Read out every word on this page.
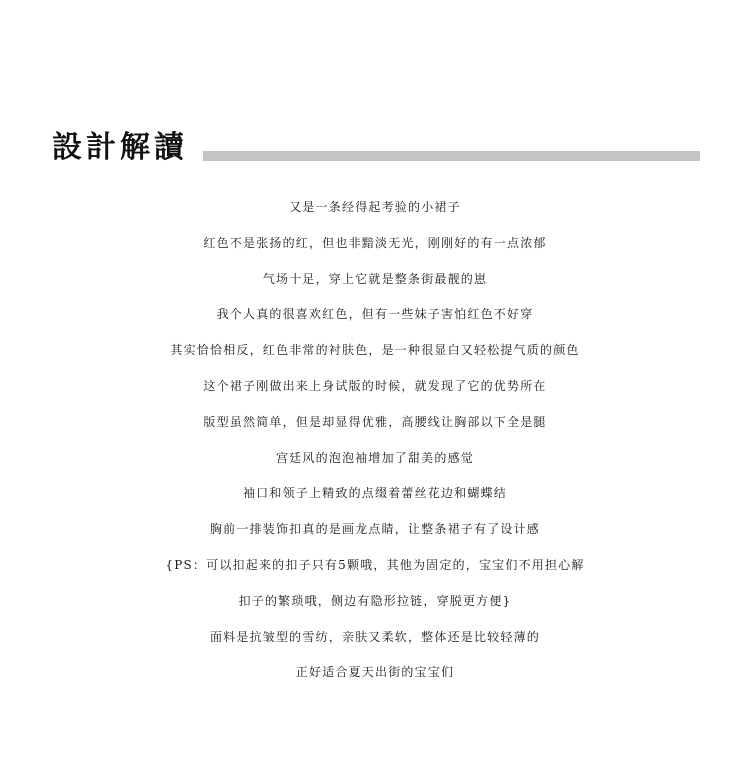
設計解讀
又是一条经得起考验的小裙子
红色不是张扬的红，但也非黯淡无光，刚刚好的有一点浓郁
气场十足，穿上它就是整条街最靓的崽
我个人真的很喜欢红色，但有一些妹子害怕红色不好穿
其实恰恰相反，红色非常的衬肤色，是一种很显白又轻松提气质的颜色
这个裙子刚做出来上身试版的时候，就发现了它的优势所在
版型虽然简单，但是却显得优雅，高腰线让胸部以下全是腿
宫廷风的泡泡袖增加了甜美的感觉
袖口和领子上精致的点缀着蕾丝花边和蝴蝶结
胸前一排装饰扣真的是画龙点睛，让整条裙子有了设计感
{PS：可以扣起来的扣子只有5颗哦，其他为固定的，宝宝们不用担心解
扣子的繁琐哦，侧边有隐形拉链，穿脱更方便}
面料是抗皱型的雪纺，亲肤又柔软，整体还是比较轻薄的
正好适合夏天出街的宝宝们
